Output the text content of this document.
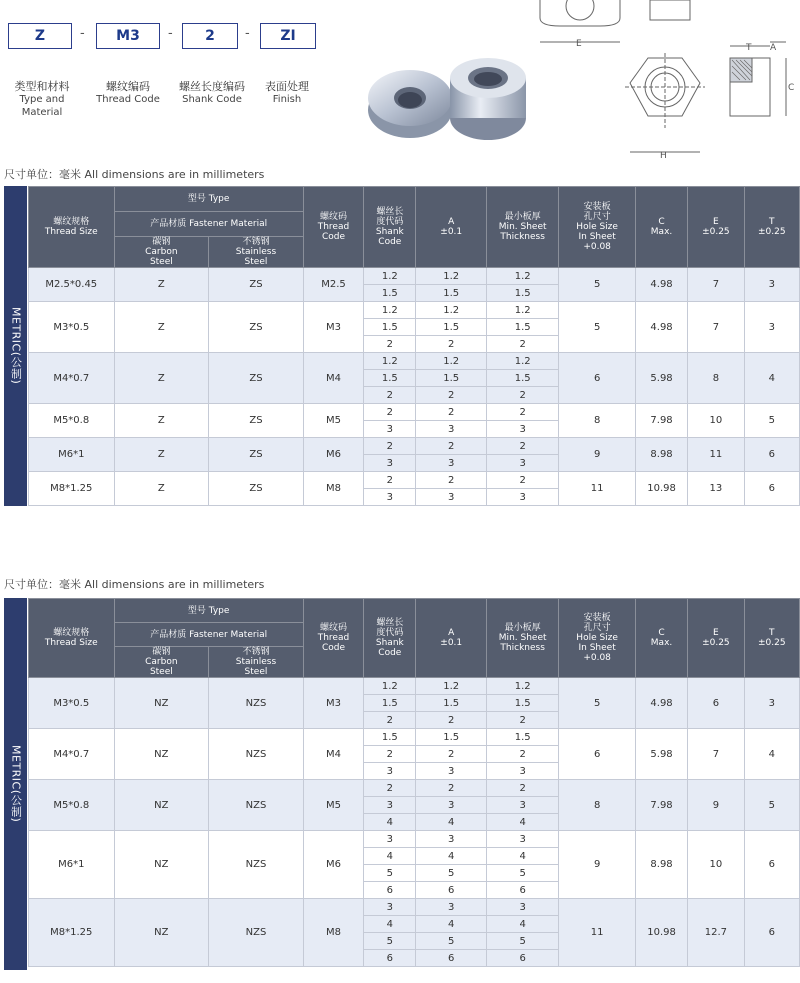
Z	-	M3	-	2	-	ZI
类型和材料
Type and Material
螺纹编码
Thread Code
螺丝长度编码
Shank Code
表面处理
Finish
E	T A
C
H
尺寸单位：毫米 All dimensions are in millimeters
METRIC(公制)
螺纹规格
Thread Size	型号 Type		螺纹码
Thread
Code	螺丝长
度代码
Shank
Code	A
±0.1	最小板厚
Min. Sheet
Thickness	安装板
孔尺寸
Hole Size
In Sheet
+0.08	C
Max.	E
±0.25	T
±0.25
	产品材质 Fastener Material									
	碳钢
Carbon
Steel	不锈钢
Stainless
Steel								
M2.5*0.45	Z	ZS	M2.5	1.2	1.2	1.2	5	4.98	7	3
				1.5	1.5	1.5				
M3*0.5	Z	ZS	M3	1.2	1.2	1.2	5	4.98	7	3
				1.5	1.5	1.5				
				2	2	2				
M4*0.7	Z	ZS	M4	1.2	1.2	1.2	6	5.98	8	4
				1.5	1.5	1.5				
				2	2	2				
M5*0.8	Z	ZS	M5	2	2	2	8	7.98	10	5
				3	3	3				
M6*1	Z	ZS	M6	2	2	2	9	8.98	11	6
				3	3	3				
M8*1.25	Z	ZS	M8	2	2	2	11	10.98	13	6
				3	3	3				
尺寸单位：毫米 All dimensions are in millimeters
METRIC(公制)
螺纹规格
Thread Size	型号 Type		螺纹码
Thread
Code	螺丝长
度代码
Shank
Code	A
±0.1	最小板厚
Min. Sheet
Thickness	安装板
孔尺寸
Hole Size
In Sheet
+0.08	C
Max.	E
±0.25	T
±0.25
	产品材质 Fastener Material									
	碳钢
Carbon
Steel	不锈钢
Stainless
Steel								
M3*0.5	NZ	NZS	M3	1.2	1.2	1.2	5	4.98	6	3
				1.5	1.5	1.5				
				2	2	2				
M4*0.7	NZ	NZS	M4	1.5	1.5	1.5	6	5.98	7	4
				2	2	2				
				3	3	3				
M5*0.8	NZ	NZS	M5	2	2	2	8	7.98	9	5
				3	3	3				
				4	4	4				
M6*1	NZ	NZS	M6	3	3	3	9	8.98	10	6
				4	4	4				
				5	5	5				
				6	6	6				
M8*1.25	NZ	NZS	M8	3	3	3	11	10.98	12.7	6
				4	4	4				
				5	5	5				
				6	6	6				
